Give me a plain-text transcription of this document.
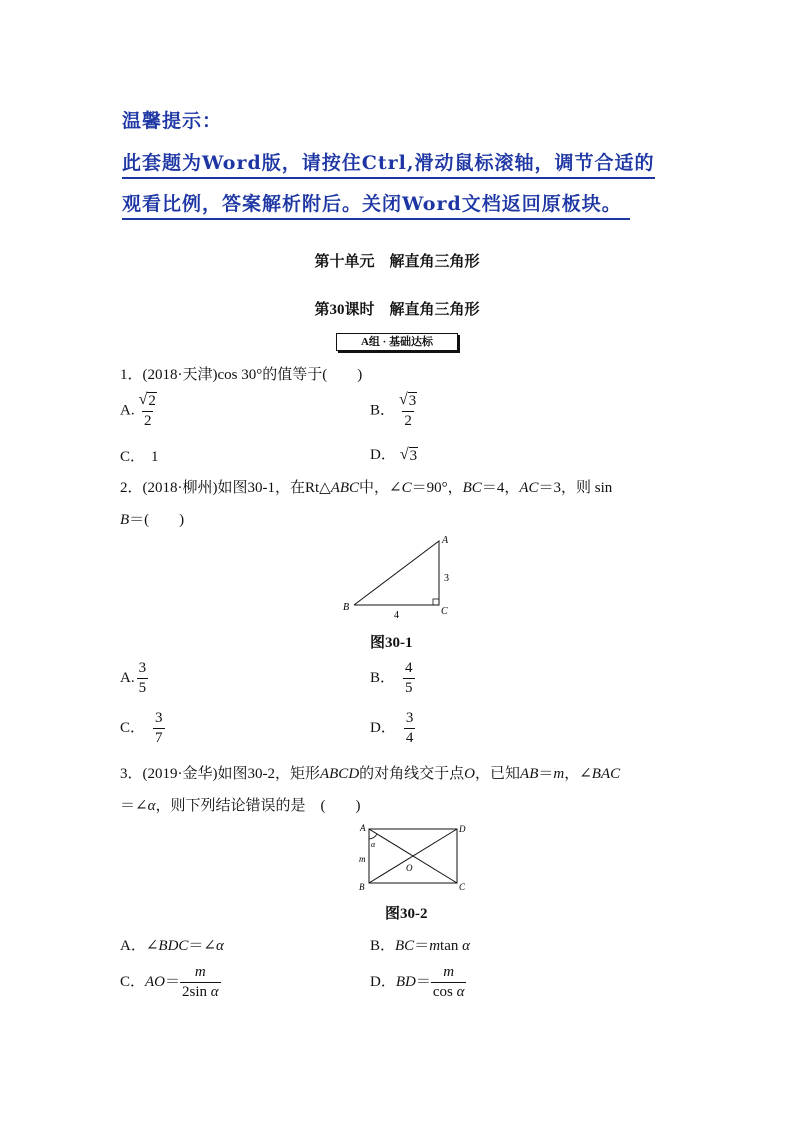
温馨提示：
此套题为Word版，请按住Ctrl,滑动鼠标滚轴，调节合适的
观看比例，答案解析附后。关闭Word文档返回原板块。
第十单元　解直角三角形
第30课时　解直角三角形
A组 · 基础达标
1．(2018·天津)cos 30°的值等于(　　)
A. $\frac{√ 2}{2}$	B． $\frac{√ 3}{2}$
C． 1	D． √ 3
2．(2018·柳州)如图30-1，在Rt△ABC中，∠C＝90°，BC＝4，AC＝3，则 sin
B＝(　　)
A
B	C
3
4
图30-1
A. $\frac{3}{5}$	B． $\frac{4}{5}$
C． $\frac{3}{7}$	D． $\frac{3}{4}$
3．(2019·金华)如图30-2，矩形ABCD的对角线交于点O，已知AB＝m，∠BAC
＝∠α，则下列结论错误的是　(　　)
A	D
B	C
O
m
α
图30-2
A．∠BDC＝∠α	B．BC＝mtan α
C．$AO= \frac{m}{\text{2sin α}}$	D．$BD= \frac{m}{\text{cos α}}$
